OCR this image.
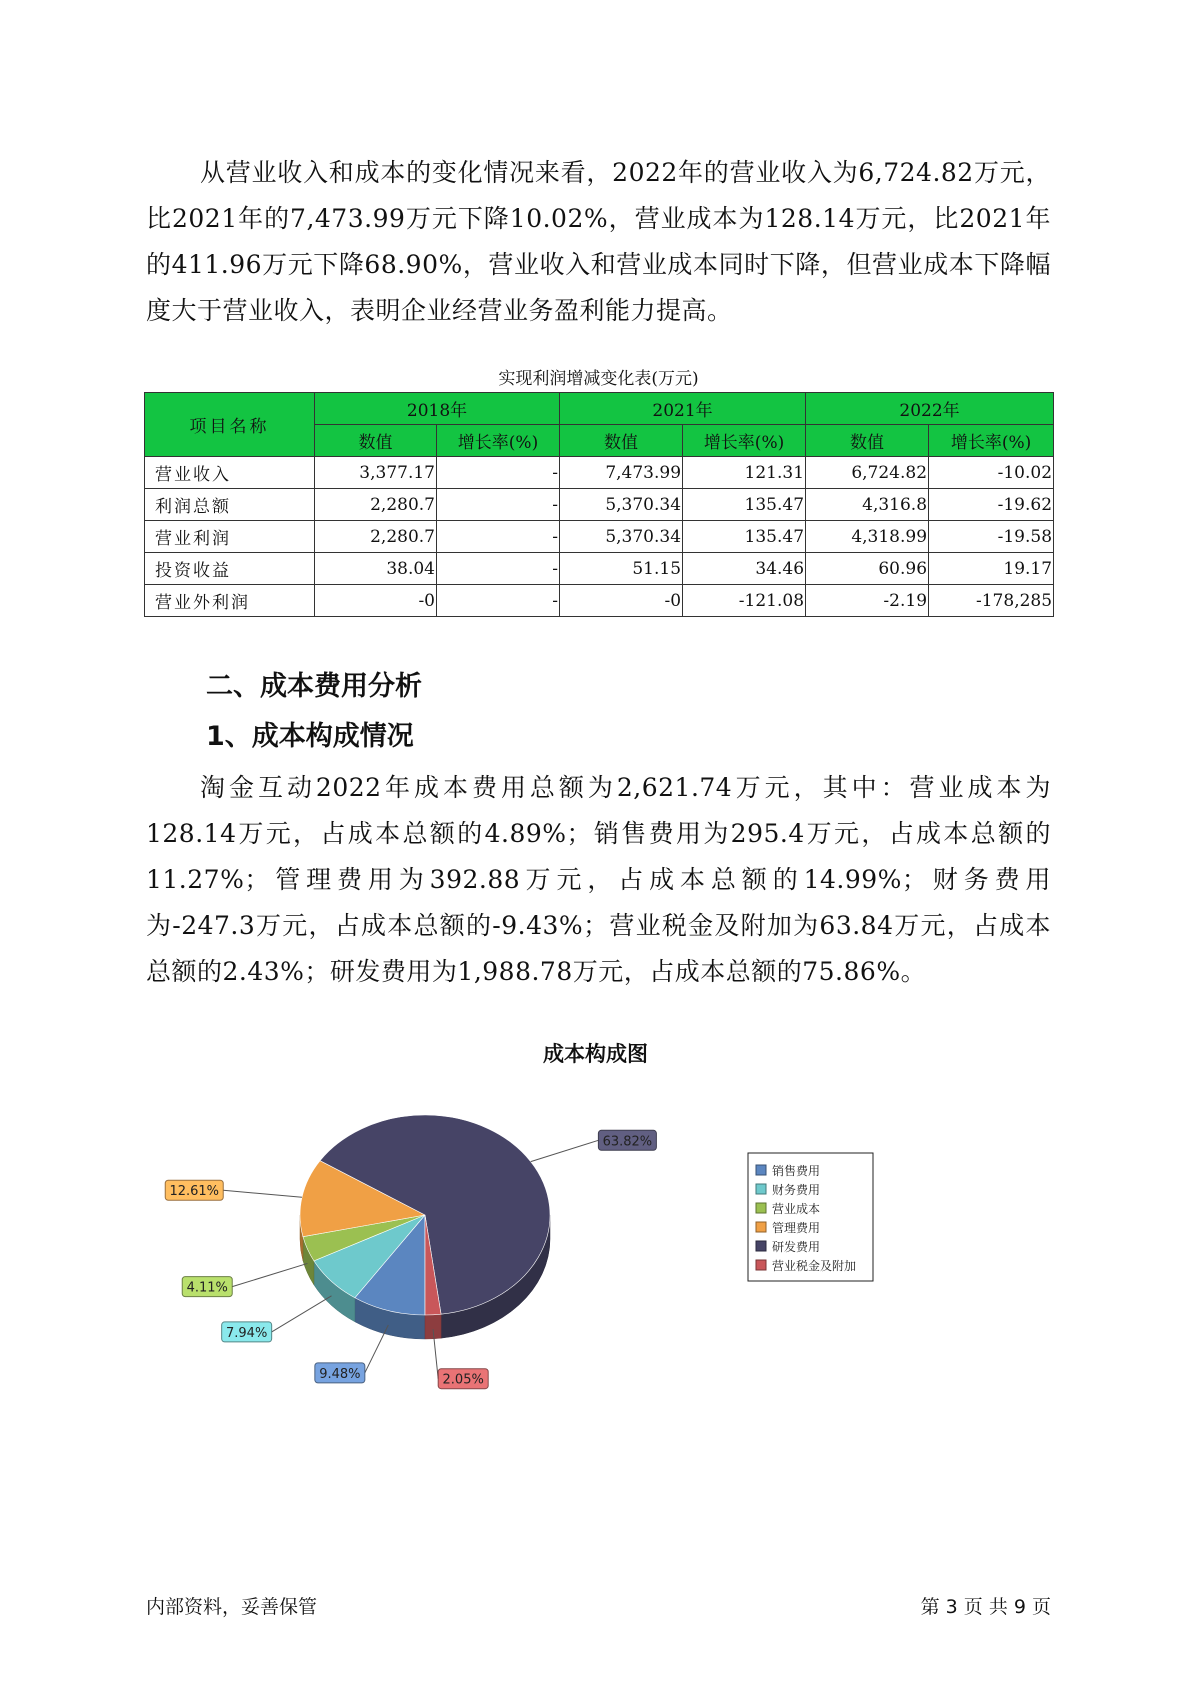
从营业收入和成本的变化情况来看，2022年的营业收入为6,724.82万元，比2021年的7,473.99万元下降10.02%，营业成本为128.14万元，比2021年的411.96万元下降68.90%，营业收入和营业成本同时下降，但营业成本下降幅度大于营业收入，表明企业经营业务盈利能力提高。

实现利润增减变化表(万元)
项目名称	2018年		2021年		2022年	
	数值	增长率(%)	数值	增长率(%)	数值	增长率(%)
营业收入	3,377.17	-	7,473.99	121.31	6,724.82	-10.02
利润总额	2,280.7	-	5,370.34	135.47	4,316.8	-19.62
营业利润	2,280.7	-	5,370.34	135.47	4,318.99	-19.58
投资收益	38.04	-	51.15	34.46	60.96	19.17
营业外利润	-0	-	-0	-121.08	-2.19	-178,285
二、成本费用分析
1、成本构成情况

淘金互动2022年成本费用总额为2,621.74万元，其中：营业成本为128.14万元，占成本总额的4.89%；销售费用为295.4万元，占成本总额的11.27%；管理费用为392.88万元，占成本总额的14.99%；财务费用为-247.3万元，占成本总额的-9.43%；营业税金及附加为63.84万元，占成本总额的2.43%；研发费用为1,988.78万元，占成本总额的75.86%。

成本构成图
9.48%
7.94%
4.11%
12.61%
63.82%
2.05%
销售费用
财务费用
营业成本
管理费用
研发费用
营业税金及附加
内部资料，妥善保管	第 3 页 共 9 页
